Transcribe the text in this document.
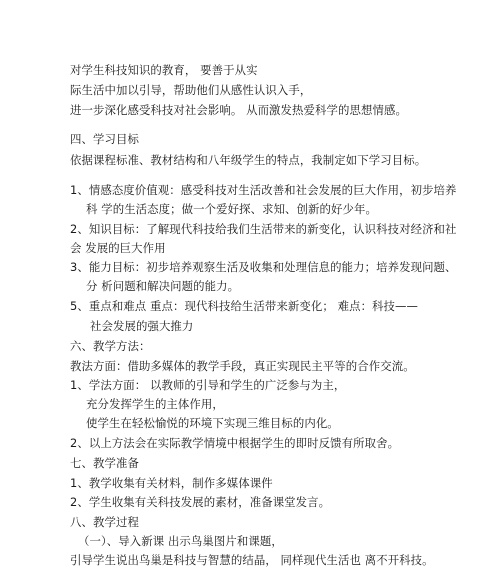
对学生科技知识的教育， 要善于从实
际生活中加以引导，帮助他们从感性认识入手，
进一步深化感受科技对社会影响。 从而激发热爱科学的思想情感。
四、学习目标
依据课程标准、教材结构和八年级学生的特点，我制定如下学习目标。
1、情感态度价值观：感受科技对生活改善和社会发展的巨大作用，初步培养
科 学的生活态度；做一个爱好探、求知、创新的好少年。
2、知识目标：了解现代科技给我们生活带来的新变化，认识科技对经济和社
会 发展的巨大作用
3、能力目标：初步培养观察生活及收集和处理信息的能力；培养发现问题、
分 析问题和解决问题的能力。
5、重点和难点 重点：现代科技给生活带来新变化； 难点：科技——
社会发展的强大推力
六、教学方法：
教法方面：借助多媒体的教学手段，真正实现民主平等的合作交流。
1、学法方面： 以教师的引导和学生的广泛参与为主，
充分发挥学生的主体作用，
使学生在轻松愉悦的环境下实现三维目标的内化。
2、以上方法会在实际教学情境中根据学生的即时反馈有所取舍。
七、教学准备
1、教学收集有关材料，制作多媒体课件
2、学生收集有关科技发展的素材，准备课堂发言。
八、教学过程
（一）、导入新课 出示鸟巢图片和课题，
引导学生说出鸟巢是科技与智慧的结晶， 同样现代生活也 离不开科技。
